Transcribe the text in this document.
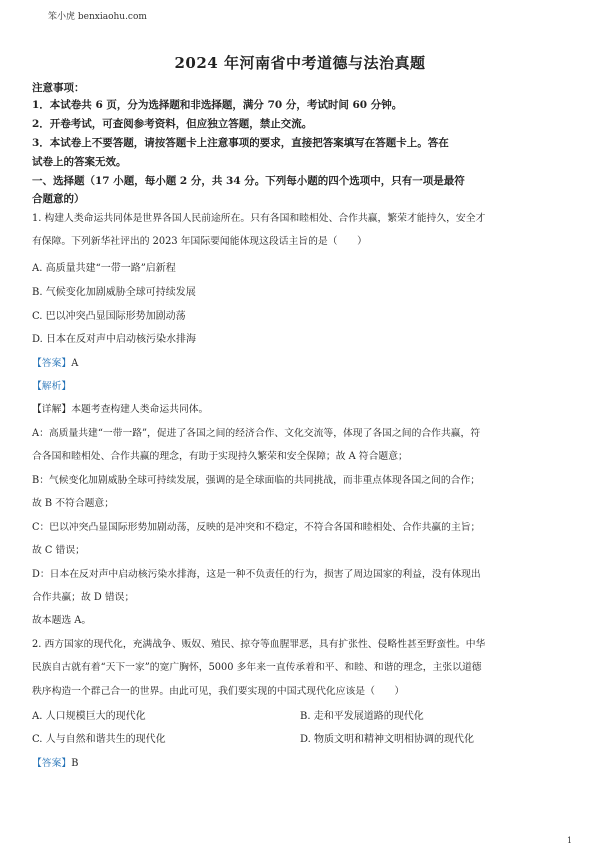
笨小虎 benxiaohu.com
2024 年河南省中考道德与法治真题
注意事项：
1．本试卷共 6 页，分为选择题和非选择题，满分 70 分，考试时间 60 分钟。
2．开卷考试，可查阅参考资料，但应独立答题，禁止交流。
3．本试卷上不要答题，请按答题卡上注意事项的要求，直接把答案填写在答题卡上。答在
试卷上的答案无效。
一、选择题（17 小题，每小题 2 分，共 34 分。下列每小题的四个选项中，只有一项是最符
合题意的）
1. 构建人类命运共同体是世界各国人民前途所在。只有各国和睦相处、合作共赢，繁荣才能持久，安全才
有保障。下列新华社评出的 2023 年国际要闻能体现这段话主旨的是（　　）
A. 高质量共建“一带一路”启新程
B. 气候变化加剧威胁全球可持续发展
C. 巴以冲突凸显国际形势加剧动荡
D. 日本在反对声中启动核污染水排海
【答案】A
【解析】
【详解】本题考查构建人类命运共同体。
A：高质量共建“一带一路”，促进了各国之间的经济合作、文化交流等，体现了各国之间的合作共赢，符
合各国和睦相处、合作共赢的理念，有助于实现持久繁荣和安全保障；故 A 符合题意；
B：气候变化加剧威胁全球可持续发展，强调的是全球面临的共同挑战，而非重点体现各国之间的合作；
故 B 不符合题意；
C：巴以冲突凸显国际形势加剧动荡，反映的是冲突和不稳定，不符合各国和睦相处、合作共赢的主旨；
故 C 错误；
D：日本在反对声中启动核污染水排海，这是一种不负责任的行为，损害了周边国家的利益，没有体现出
合作共赢；故 D 错误；
故本题选 A。
2. 西方国家的现代化，充满战争、贩奴、殖民、掠夺等血腥罪恶，具有扩张性、侵略性甚至野蛮性。中华
民族自古就有着“天下一家”的宽广胸怀，5000 多年来一直传承着和平、和睦、和谐的理念，主张以道德
秩序构造一个群己合一的世界。由此可见，我们要实现的中国式现代化应该是（　　）
A. 人口规模巨大的现代化	B. 走和平发展道路的现代化
C. 人与自然和谐共生的现代化	D. 物质文明和精神文明相协调的现代化
【答案】B
1
